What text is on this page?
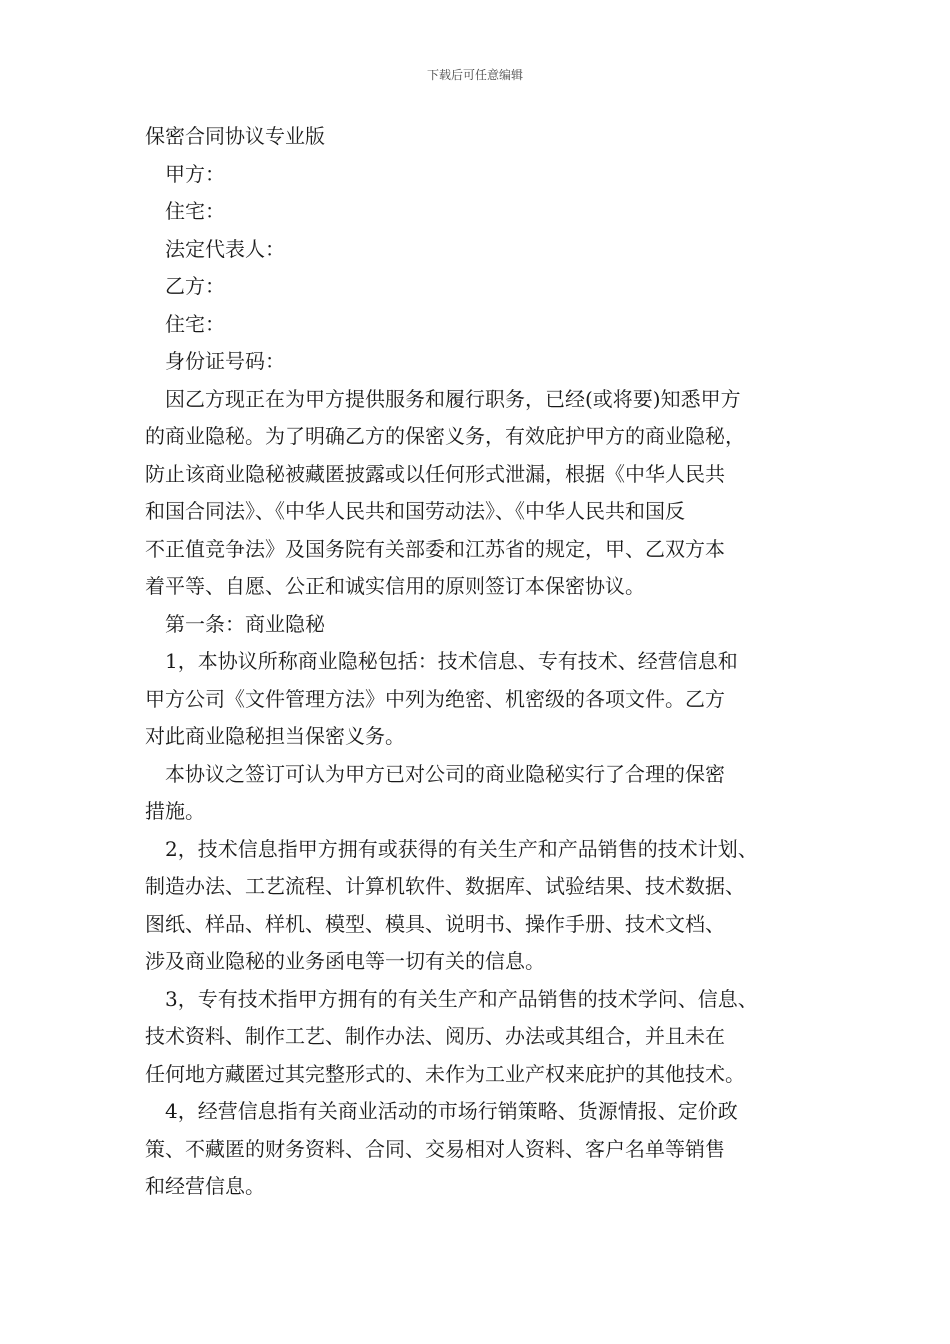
下载后可任意编辑
保密合同协议专业版
甲方：
住宅：
法定代表人：
乙方：
住宅：
身份证号码：
因乙方现正在为甲方提供服务和履行职务，已经(或将要)知悉甲方
的商业隐秘。为了明确乙方的保密义务，有效庇护甲方的商业隐秘，
防止该商业隐秘被藏匿披露或以任何形式泄漏，根据《中华人民共
和国合同法》、《中华人民共和国劳动法》、《中华人民共和国反
不正值竞争法》及国务院有关部委和江苏省的规定，甲、乙双方本
着平等、自愿、公正和诚实信用的原则签订本保密协议。
第一条：商业隐秘
1，本协议所称商业隐秘包括：技术信息、专有技术、经营信息和
甲方公司《文件管理方法》中列为绝密、机密级的各项文件。乙方
对此商业隐秘担当保密义务。
本协议之签订可认为甲方已对公司的商业隐秘实行了合理的保密
措施。
2，技术信息指甲方拥有或获得的有关生产和产品销售的技术计划、
制造办法、工艺流程、计算机软件、数据库、试验结果、技术数据、
图纸、样品、样机、模型、模具、说明书、操作手册、技术文档、
涉及商业隐秘的业务函电等一切有关的信息。
3，专有技术指甲方拥有的有关生产和产品销售的技术学问、信息、
技术资料、制作工艺、制作办法、阅历、办法或其组合，并且未在
任何地方藏匿过其完整形式的、未作为工业产权来庇护的其他技术。
4，经营信息指有关商业活动的市场行销策略、货源情报、定价政
策、不藏匿的财务资料、合同、交易相对人资料、客户名单等销售
和经营信息。
